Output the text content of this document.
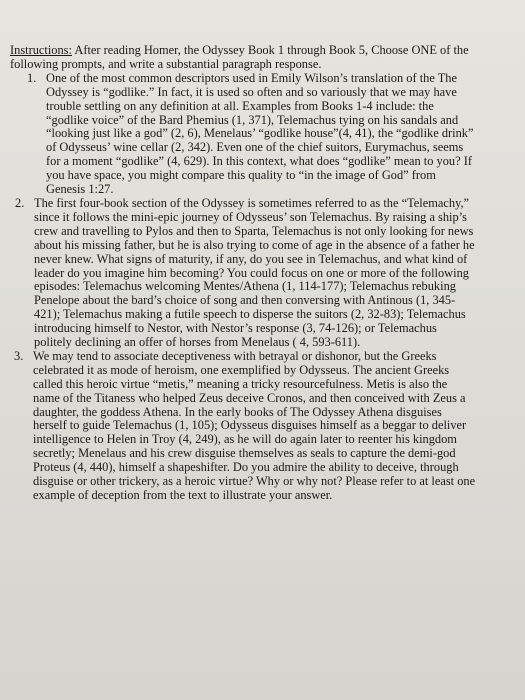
Instructions: After reading Homer, the Odyssey Book 1 through Book 5, Choose ONE of the following prompts, and write a substantial paragraph response.

1. One of the most common descriptors used in Emily Wilson’s translation of the The Odyssey is “godlike.” In fact, it is used so often and so variously that we may have trouble settling on any definition at all. Examples from Books 1-4 include: the “godlike voice” of the Bard Phemius (1, 371), Telemachus tying on his sandals and “looking just like a god” (2, 6), Menelaus’ “godlike house”(4, 41), the “godlike drink” of Odysseus’ wine cellar (2, 342). Even one of the chief suitors, Eurymachus, seems for a moment “godlike” (4, 629). In this context, what does “godlike” mean to you? If you have space, you might compare this quality to “in the image of God” from Genesis 1:27.
2. The first four-book section of the Odyssey is sometimes referred to as the “Telemachy,” since it follows the mini-epic journey of Odysseus’ son Telemachus. By raising a ship’s crew and travelling to Pylos and then to Sparta, Telemachus is not only looking for news about his missing father, but he is also trying to come of age in the absence of a father he never knew. What signs of maturity, if any, do you see in Telemachus, and what kind of leader do you imagine him becoming? You could focus on one or more of the following episodes: Telemachus welcoming Mentes/Athena (1, 114-177); Telemachus rebuking Penelope about the bard’s choice of song and then conversing with Antinous (1, 345-421); Telemachus making a futile speech to disperse the suitors (2, 32-83); Telemachus introducing himself to Nestor, with Nestor’s response (3, 74-126); or Telemachus politely declining an offer of horses from Menelaus ( 4, 593-611).
3. We may tend to associate deceptiveness with betrayal or dishonor, but the Greeks celebrated it as mode of heroism, one exemplified by Odysseus. The ancient Greeks called this heroic virtue “metis,” meaning a tricky resourcefulness. Metis is also the name of the Titaness who helped Zeus deceive Cronos, and then conceived with Zeus a daughter, the goddess Athena. In the early books of The Odyssey Athena disguises herself to guide Telemachus (1, 105); Odysseus disguises himself as a beggar to deliver intelligence to Helen in Troy (4, 249), as he will do again later to reenter his kingdom secretly; Menelaus and his crew disguise themselves as seals to capture the demi-god Proteus (4, 440), himself a shapeshifter. Do you admire the ability to deceive, through disguise or other trickery, as a heroic virtue? Why or why not? Please refer to at least one example of deception from the text to illustrate your answer.
